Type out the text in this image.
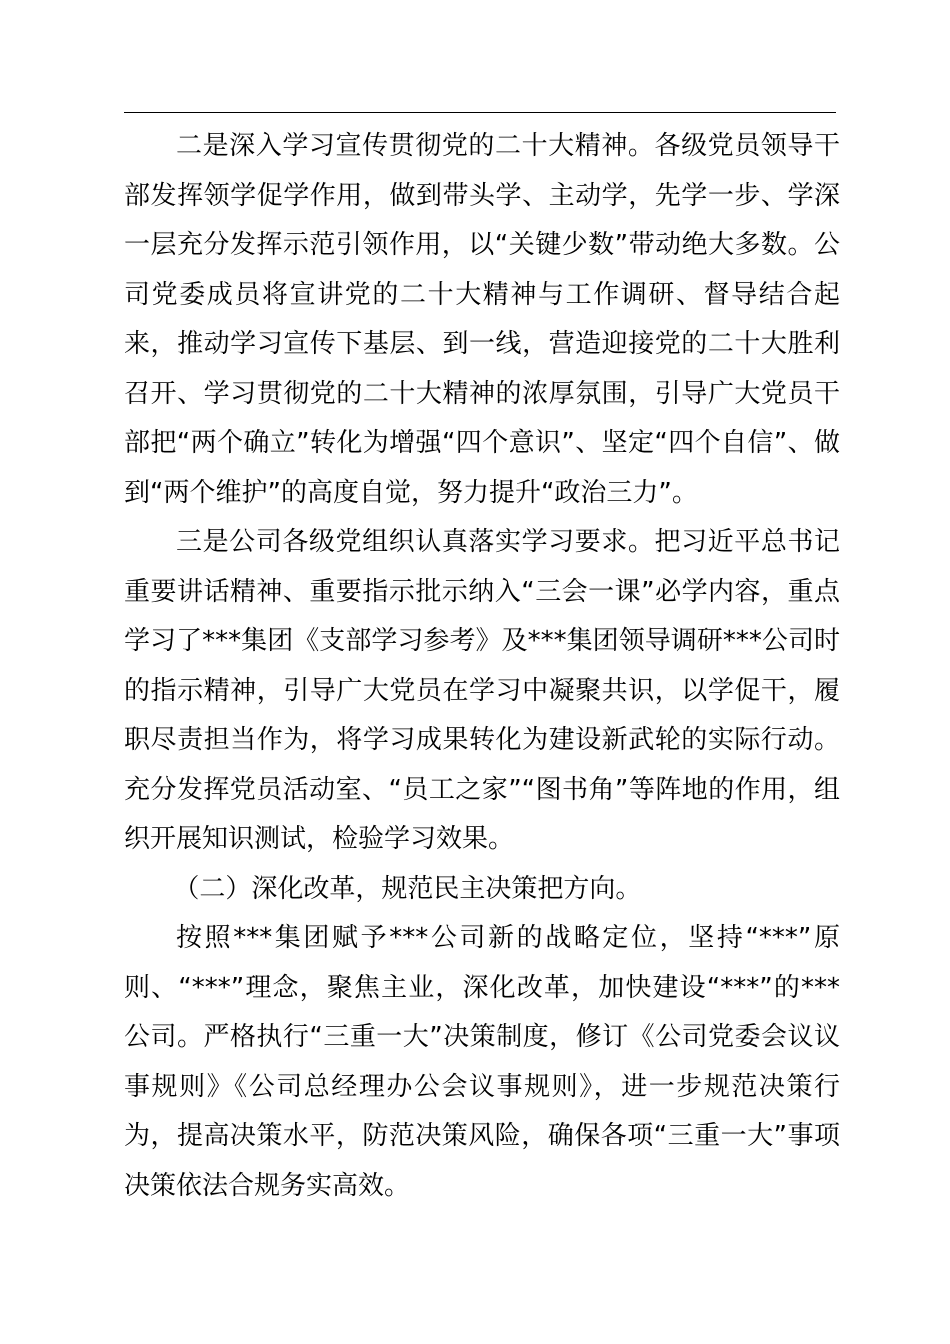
二是深入学习宣传贯彻党的二十大精神。各级党员领导干部发挥领学促学作用，做到带头学、主动学，先学一步、学深一层充分发挥示范引领作用，以“关键少数”带动绝大多数。公司党委成员将宣讲党的二十大精神与工作调研、督导结合起来，推动学习宣传下基层、到一线，营造迎接党的二十大胜利召开、学习贯彻党的二十大精神的浓厚氛围，引导广大党员干部把“两个确立”转化为增强“四个意识”、坚定“四个自信”、做到“两个维护”的高度自觉，努力提升“政治三力”。

三是公司各级党组织认真落实学习要求。把习近平总书记重要讲话精神、重要指示批示纳入“三会一课”必学内容，重点学习了***集团《支部学习参考》及***集团领导调研***公司时的指示精神，引导广大党员在学习中凝聚共识，以学促干，履职尽责担当作为，将学习成果转化为建设新武轮的实际行动。充分发挥党员活动室、“员工之家”“图书角”等阵地的作用，组织开展知识测试，检验学习效果。

（二）深化改革，规范民主决策把方向。

按照***集团赋予***公司新的战略定位，坚持“***”原则、“***”理念，聚焦主业，深化改革，加快建设“***”的***公司。严格执行“三重一大”决策制度，修订《公司党委会议议事规则》《公司总经理办公会议事规则》，进一步规范决策行为，提高决策水平，防范决策风险，确保各项“三重一大”事项决策依法合规务实高效。
